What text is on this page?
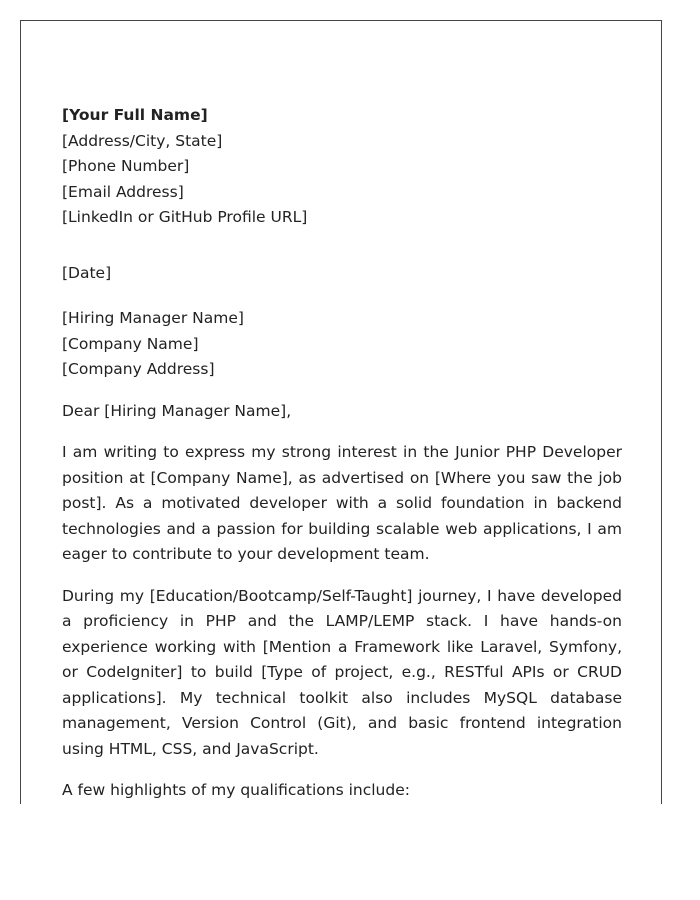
[Your Full Name]
[Address/City, State]
[Phone Number]
[Email Address]
[LinkedIn or GitHub Profile URL]
[Date]
[Hiring Manager Name]
[Company Name]
[Company Address]
Dear [Hiring Manager Name],

I am writing to express my strong interest in the Junior PHP Developer position at [Company Name], as advertised on [Where you saw the job post]. As a motivated developer with a solid foundation in backend technologies and a passion for building scalable web applications, I am eager to contribute to your development team.

During my [Education/Bootcamp/Self-Taught] journey, I have developed a proficiency in PHP and the LAMP/LEMP stack. I have hands-on experience working with [Mention a Framework like Laravel, Symfony, or CodeIgniter] to build [Type of project, e.g., RESTful APIs or CRUD applications]. My technical toolkit also includes MySQL database management, Version Control (Git), and basic frontend integration using HTML, CSS, and JavaScript.

A few highlights of my qualifications include:
